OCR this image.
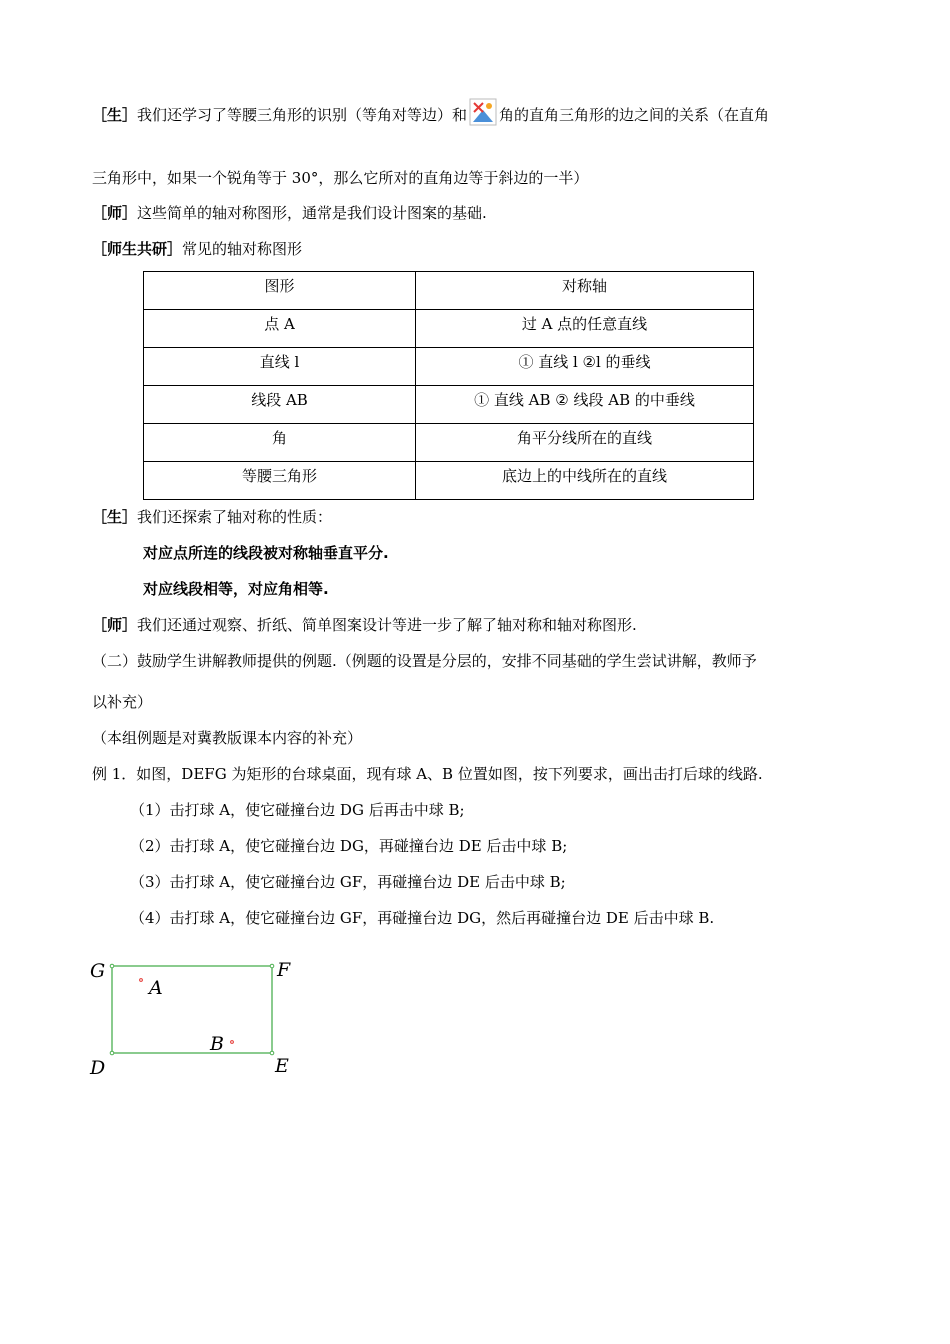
［生］我们还学习了等腰三角形的识别（等角对等边）和 角的直角三角形的边之间的关系（在直角
三角形中，如果一个锐角等于 30°，那么它所对的直角边等于斜边的一半）
［师］这些简单的轴对称图形，通常是我们设计图案的基础.
［师生共研］常见的轴对称图形
图形	对称轴
点 A	过 A 点的任意直线
直线 l	① 直线 l ②l 的垂线
线段 AB	① 直线 AB ② 线段 AB 的中垂线
角	角平分线所在的直线
等腰三角形	底边上的中线所在的直线
［生］我们还探索了轴对称的性质：
对应点所连的线段被对称轴垂直平分.
对应线段相等，对应角相等.
［师］我们还通过观察、折纸、简单图案设计等进一步了解了轴对称和轴对称图形.
（二）鼓励学生讲解教师提供的例题.（例题的设置是分层的，安排不同基础的学生尝试讲解，教师予
以补充）
（本组例题是对冀教版课本内容的补充）
例 1．如图，DEFG 为矩形的台球桌面，现有球 A、B 位置如图，按下列要求，画出击打后球的线路.
（1）击打球 A，使它碰撞台边 DG 后再击中球 B;
（2）击打球 A，使它碰撞台边 DG，再碰撞台边 DE 后击中球 B;
（3）击打球 A，使它碰撞台边 GF，再碰撞台边 DE 后击中球 B;
（4）击打球 A，使它碰撞台边 GF，再碰撞台边 DG，然后再碰撞台边 DE 后击中球 B.
G	F
D	E
A
B
